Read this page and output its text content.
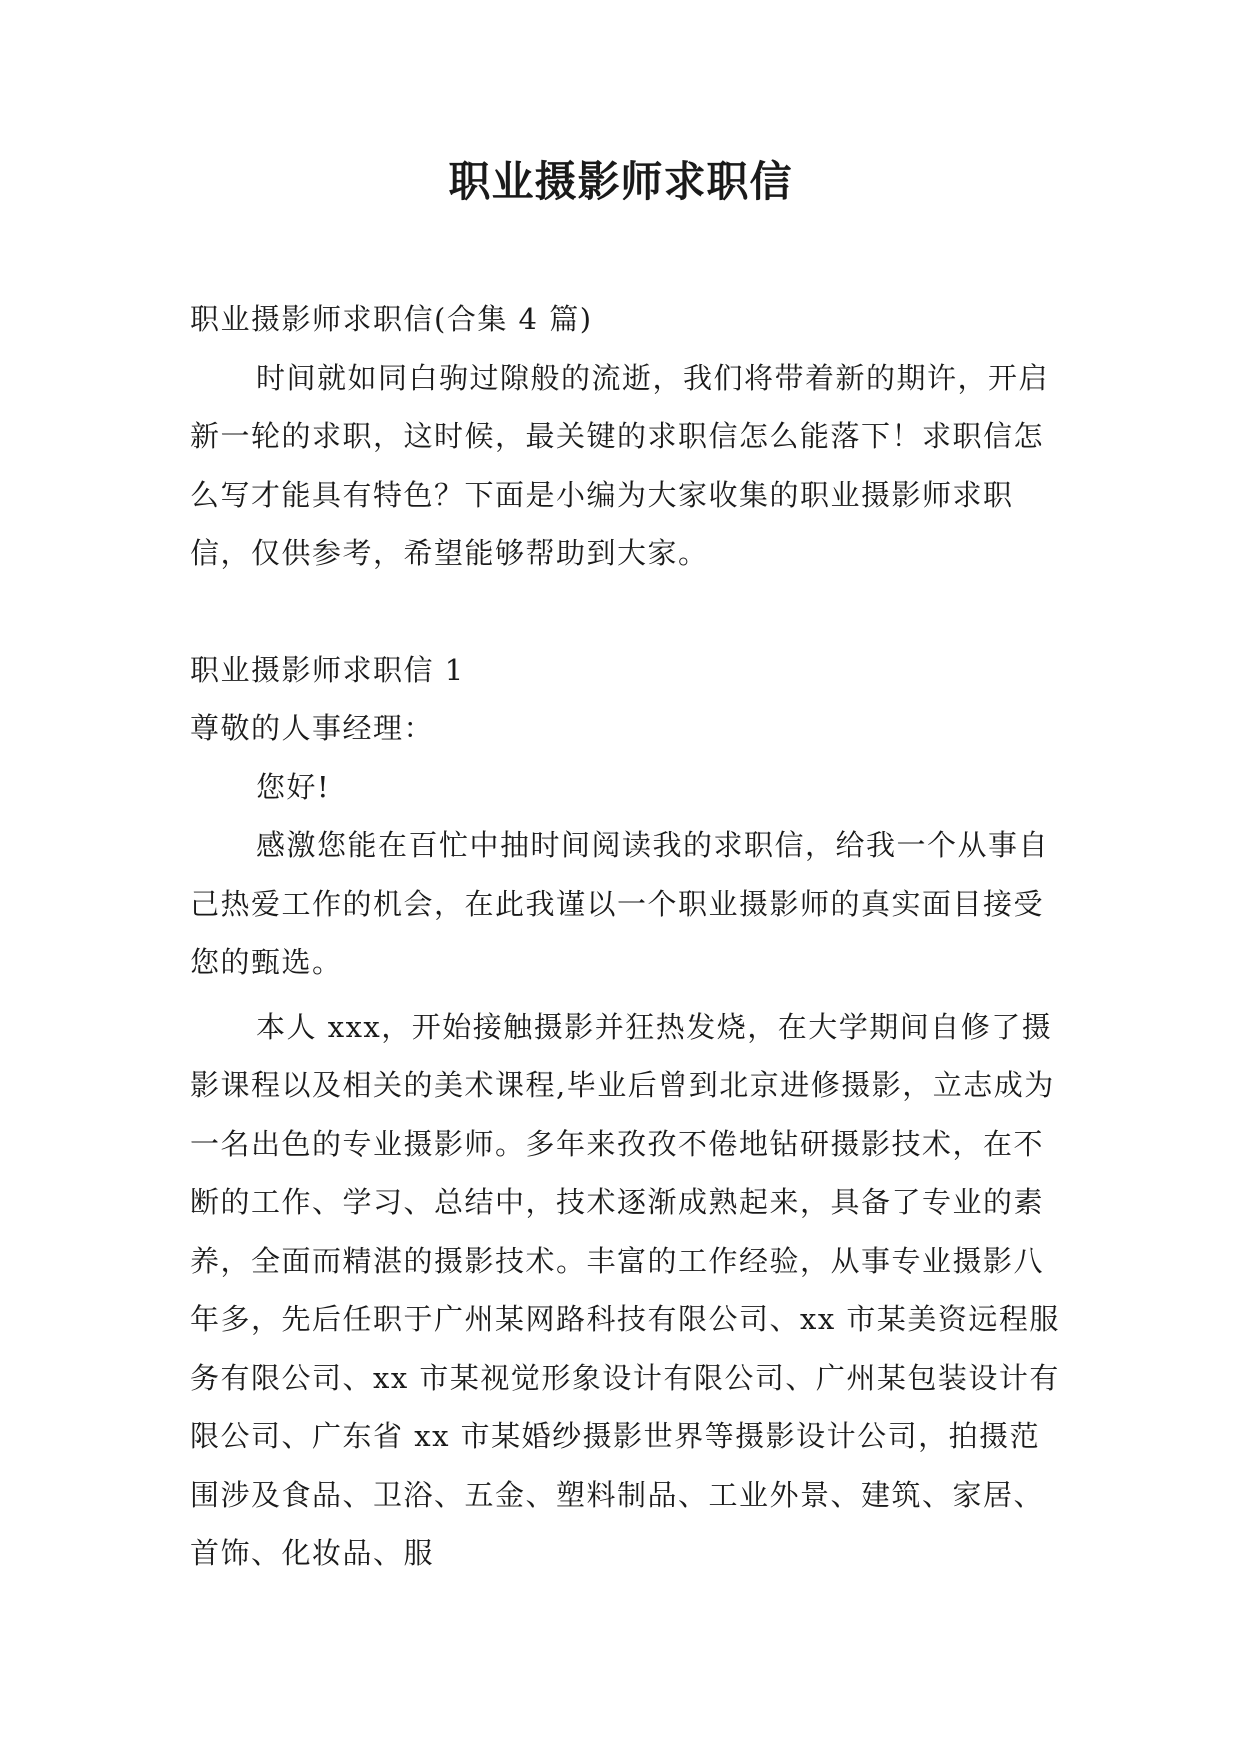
职业摄影师求职信

职业摄影师求职信(合集 4 篇)

时间就如同白驹过隙般的流逝，我们将带着新的期许，开启新一轮的求职，这时候，最关键的求职信怎么能落下！求职信怎么写才能具有特色？下面是小编为大家收集的职业摄影师求职信，仅供参考，希望能够帮助到大家。

职业摄影师求职信 1

尊敬的人事经理：

您好!

感激您能在百忙中抽时间阅读我的求职信，给我一个从事自己热爱工作的机会，在此我谨以一个职业摄影师的真实面目接受您的甄选。

本人 xxx，开始接触摄影并狂热发烧，在大学期间自修了摄影课程以及相关的美术课程,毕业后曾到北京进修摄影，立志成为一名出色的专业摄影师。多年来孜孜不倦地钻研摄影技术，在不断的工作、学习、总结中，技术逐渐成熟起来，具备了专业的素养，全面而精湛的摄影技术。丰富的工作经验，从事专业摄影八年多，先后任职于广州某网路科技有限公司、xx 市某美资远程服务有限公司、xx 市某视觉形象设计有限公司、广州某包装设计有限公司、广东省 xx 市某婚纱摄影世界等摄影设计公司，拍摄范围涉及食品、卫浴、五金、塑料制品、工业外景、建筑、家居、首饰、化妆品、服
